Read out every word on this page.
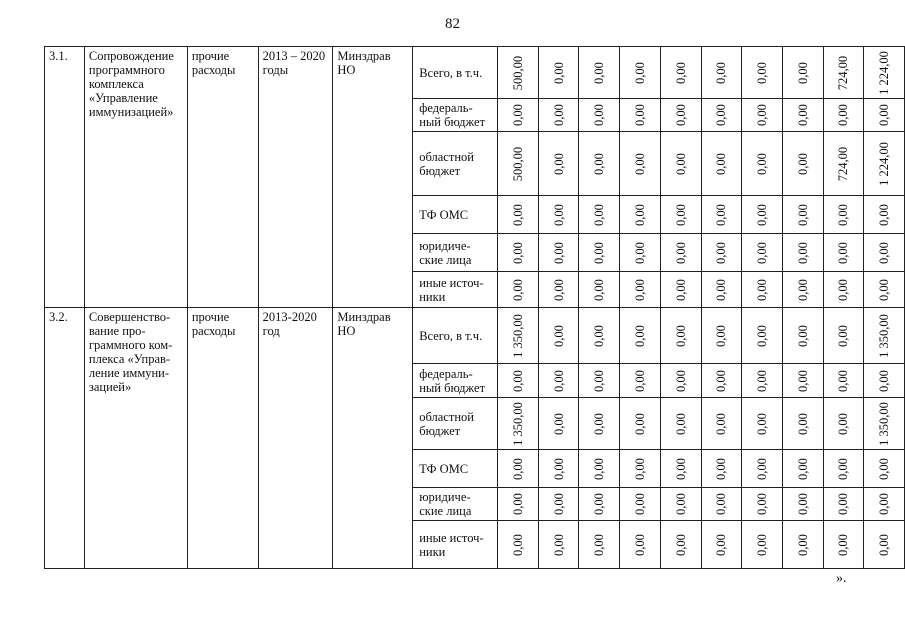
82
3.1.	Сопровождение программного комплекса «Управление иммунизацией»	прочие расходы	2013 – 2020 годы	Минздрав НО	Всего, в т.ч.	500,00	0,00	0,00	0,00	0,00	0,00	0,00	0,00	724,00	1 224,00

					федераль-ный бюджет	0,00	0,00	0,00	0,00	0,00	0,00	0,00	0,00	0,00	0,00

					областной бюджет	500,00	0,00	0,00	0,00	0,00	0,00	0,00	0,00	724,00	1 224,00

					ТФ ОМС	0,00	0,00	0,00	0,00	0,00	0,00	0,00	0,00	0,00	0,00

					юридиче-ские лица	0,00	0,00	0,00	0,00	0,00	0,00	0,00	0,00	0,00	0,00

					иные источ-ники	0,00	0,00	0,00	0,00	0,00	0,00	0,00	0,00	0,00	0,00

3.2.	Совершенство-вание про-граммного ком-плекса «Управ-ление иммуни-зацией»	прочие расходы	2013-2020 год	Минздрав НО	Всего, в т.ч.	1 350,00	0,00	0,00	0,00	0,00	0,00	0,00	0,00	0,00	1 350,00

					федераль-ный бюджет	0,00	0,00	0,00	0,00	0,00	0,00	0,00	0,00	0,00	0,00

					областной бюджет	1 350,00	0,00	0,00	0,00	0,00	0,00	0,00	0,00	0,00	1 350,00

					ТФ ОМС	0,00	0,00	0,00	0,00	0,00	0,00	0,00	0,00	0,00	0,00

					юридиче-ские лица	0,00	0,00	0,00	0,00	0,00	0,00	0,00	0,00	0,00	0,00

					иные источ-ники	0,00	0,00	0,00	0,00	0,00	0,00	0,00	0,00	0,00	0,00
».
